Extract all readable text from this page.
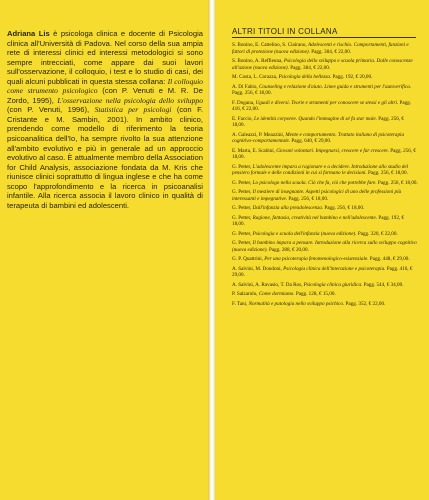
Adriana Lis è psicologa clinica e docente di Psicologia clinica all'Università di Padova. Nel corso della sua ampia rete di interessi clinici ed interessi metodologici si sono sempre intrecciati, come appare dai suoi lavori sull'osservazione, il colloquio, i test e lo studio di casi, dei quali alcuni pubblicati in questa stessa collana: Il colloquio come strumento psicologico (con P. Venuti e M. R. De Zordo, 1995), L'osservazione nella psicologia dello sviluppo (con P. Venuti, 1996), Statistica per psicologi (con F. Cristante e M. Sambin, 2001). In ambito clinico, prendendo come modello di riferimento la teoria psicoanalitica dell'Io, ha sempre rivolto la sua attenzione all'ambito evolutivo e più in generale ad un approccio evolutivo al caso. È attualmente membro della Association for Child Analysis, associazione fondata da M. Kris che riunisce clinici soprattutto di lingua inglese e che ha come scopo l'approfondimento e la ricerca in psicoanalisi infantile. Alla ricerca associa il lavoro clinico in qualità di terapeuta di bambini ed adolescenti.

ALTRI TITOLI IN COLLANA

S. Bonino, E. Cattelino, S. Ciairano, Adolescenti e rischio. Comportamenti, funzioni e fattori di protezione (nuova edizione). Pagg. 384, € 22,00.
S. Bonino, A. Reffieuna, Psicologia dello sviluppo e scuola primaria. Dalle conoscenze all'azione (nuova edizione). Pagg. 384, € 22,00.
M. Costa, L. Corazza, Psicologia della bellezza. Pagg. 192, € 20,00.
A. Di Fabio, Counseling e relazione d'aiuto. Linee guida e strumenti per l'autoverifica. Pagg. 256, € 18,00.
F. Dogana, Uguali e diversi. Teorie e strumenti per conoscere se stessi e gli altri. Pagg. 416, € 22,00.
E. Faccio, Le identità corporee. Quando l'immagine di sé fa star male. Pagg. 256, € 18,00.
A. Galeazzi, P. Meazzini, Mente e comportamento. Trattato italiano di psicoterapia cognitivo-comportamentale. Pagg. 640, € 29,00.
E. Marta, E. Scabini, Giovani volontari. Impegnarsi, crescere e far crescere. Pagg. 256, € 18,00.
G. Petter, L'adolescente impara a ragionare e a decidere. Introduzione allo studio del pensiero formale e delle condizioni in cui si formano le decisioni. Pagg. 256, € 18,00.
G. Petter, Lo psicologo nella scuola. Ciò che fa, ciò che potrebbe fare. Pagg. 256, € 18,00.
G. Petter, Il mestiere di insegnante. Aspetti psicologici di uno delle professioni più interessanti e impegnative. Pagg. 256, € 18,00.
G. Petter, Dall'infanzia alla preadolescenza. Pagg. 256, € 18,00.
G. Petter, Ragione, fantasia, creatività nel bambino e nell'adolescente. Pagg. 192, € 18,00.
G. Petter, Psicologia e scuola dell'infanzia (nuova edizione). Pagg. 320, € 22,00.
G. Petter, Il bambino impara a pensare. Introduzione alla ricerca sullo sviluppo cognitivo (nuova edizione). Pagg. 288, € 20,00.
G. P. Quattrini, Per una psicoterapia fenomenologico-esistenziale. Pagg. 448, € 29,00.
A. Salvini, M. Dondoni, Psicologia clinica dell'interazione e psicoterapia. Pagg. 416, € 29,00.
A. Salvini, A. Ravasio, T. Da Ros, Psicologia clinica giuridica. Pagg. 544, € 34,00.
P. Salzarulo, Come dormiamo. Pagg. 128, € 15,00.
F. Tani, Normalità e patologia nello sviluppo psichico. Pagg. 352, € 22,00.
